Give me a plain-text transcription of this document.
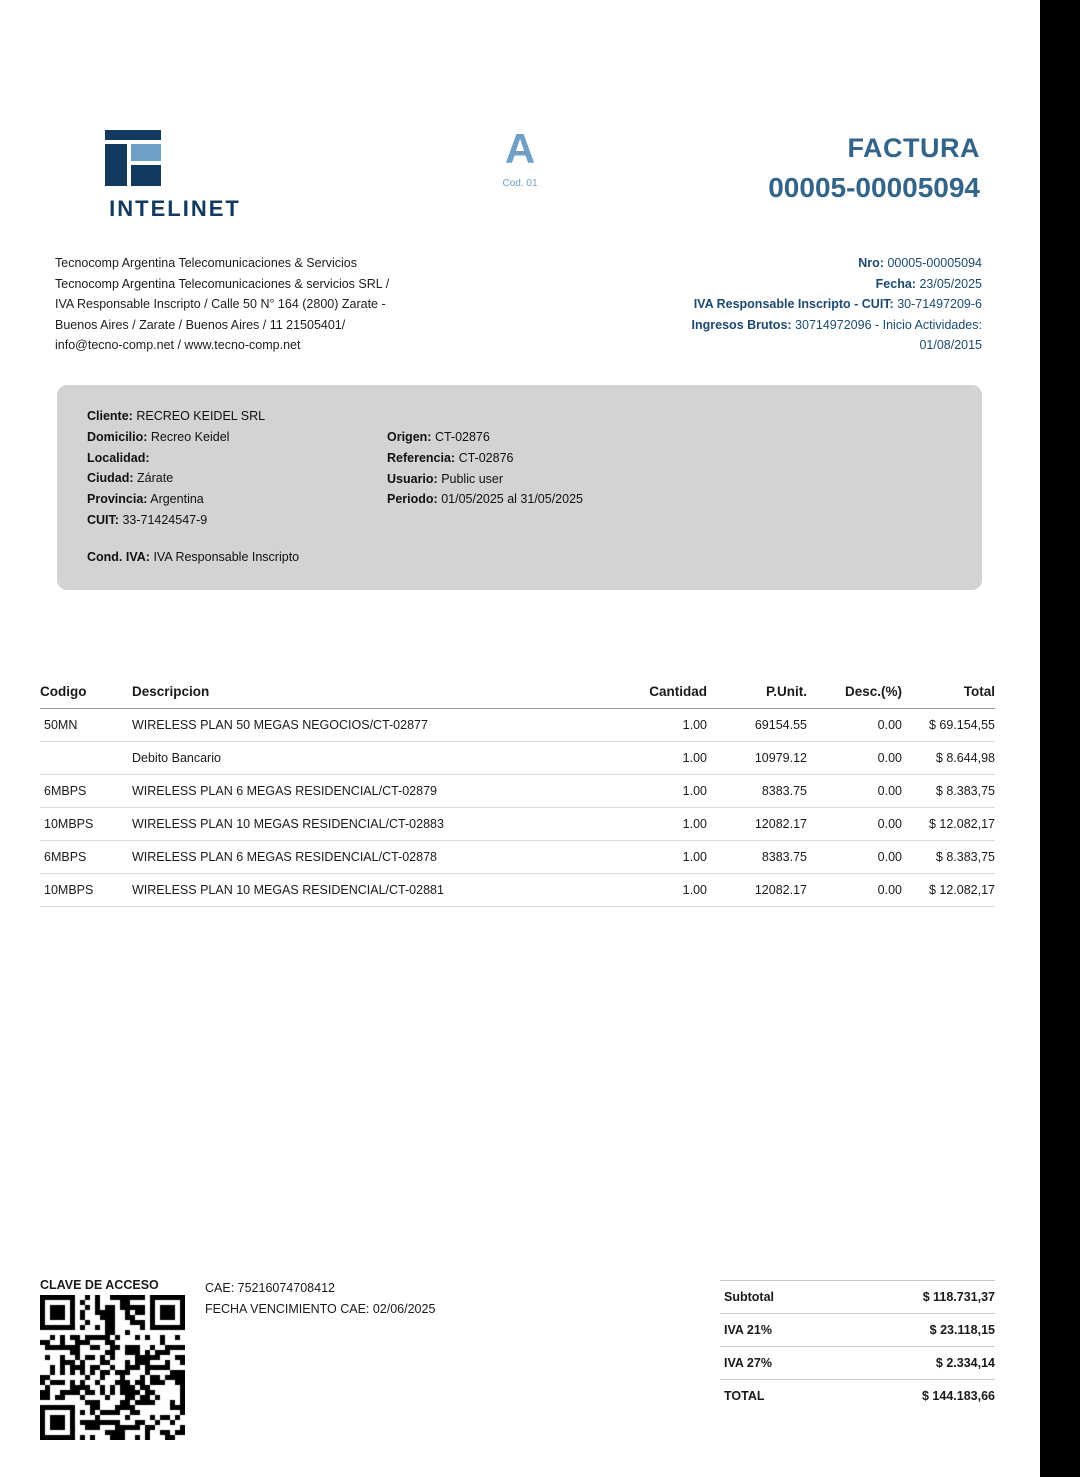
INTELINET
A
Cod. 01
FACTURA
00005-00005094
Tecnocomp Argentina Telecomunicaciones & Servicios
Tecnocomp Argentina Telecomunicaciones & servicios SRL /
IVA Responsable Inscripto / Calle 50 N° 164 (2800) Zarate -
Buenos Aires / Zarate / Buenos Aires / 11 21505401/
info@tecno-comp.net / www.tecno-comp.net
Nro: 00005-00005094
Fecha: 23/05/2025
IVA Responsable Inscripto - CUIT: 30-71497209-6
Ingresos Brutos: 30714972096 - Inicio Actividades:
01/08/2015
Cliente: RECREO KEIDEL SRL
Domicilio: Recreo Keidel
Localidad:
Ciudad: Zárate
Provincia: Argentina
CUIT: 33-71424547-9
Origen: CT-02876
Referencia: CT-02876
Usuario: Public user
Periodo: 01/05/2025 al 31/05/2025
Cond. IVA: IVA Responsable Inscripto
Codigo	Descripcion	Cantidad	P.Unit.	Desc.(%)	Total
50MN	WIRELESS PLAN 50 MEGAS NEGOCIOS/CT-02877	1.00	69154.55	0.00	$ 69.154,55
	Debito Bancario	1.00	10979.12	0.00	$ 8.644,98
6MBPS	WIRELESS PLAN 6 MEGAS RESIDENCIAL/CT-02879	1.00	8383.75	0.00	$ 8.383,75
10MBPS	WIRELESS PLAN 10 MEGAS RESIDENCIAL/CT-02883	1.00	12082.17	0.00	$ 12.082,17
6MBPS	WIRELESS PLAN 6 MEGAS RESIDENCIAL/CT-02878	1.00	8383.75	0.00	$ 8.383,75
10MBPS	WIRELESS PLAN 10 MEGAS RESIDENCIAL/CT-02881	1.00	12082.17	0.00	$ 12.082,17
CLAVE DE ACCESO	CAE: 75216074708412
FECHA VENCIMIENTO CAE: 02/06/2025
Subtotal	$ 118.731,37
IVA 21%	$ 23.118,15
IVA 27%	$ 2.334,14
TOTAL	$ 144.183,66
